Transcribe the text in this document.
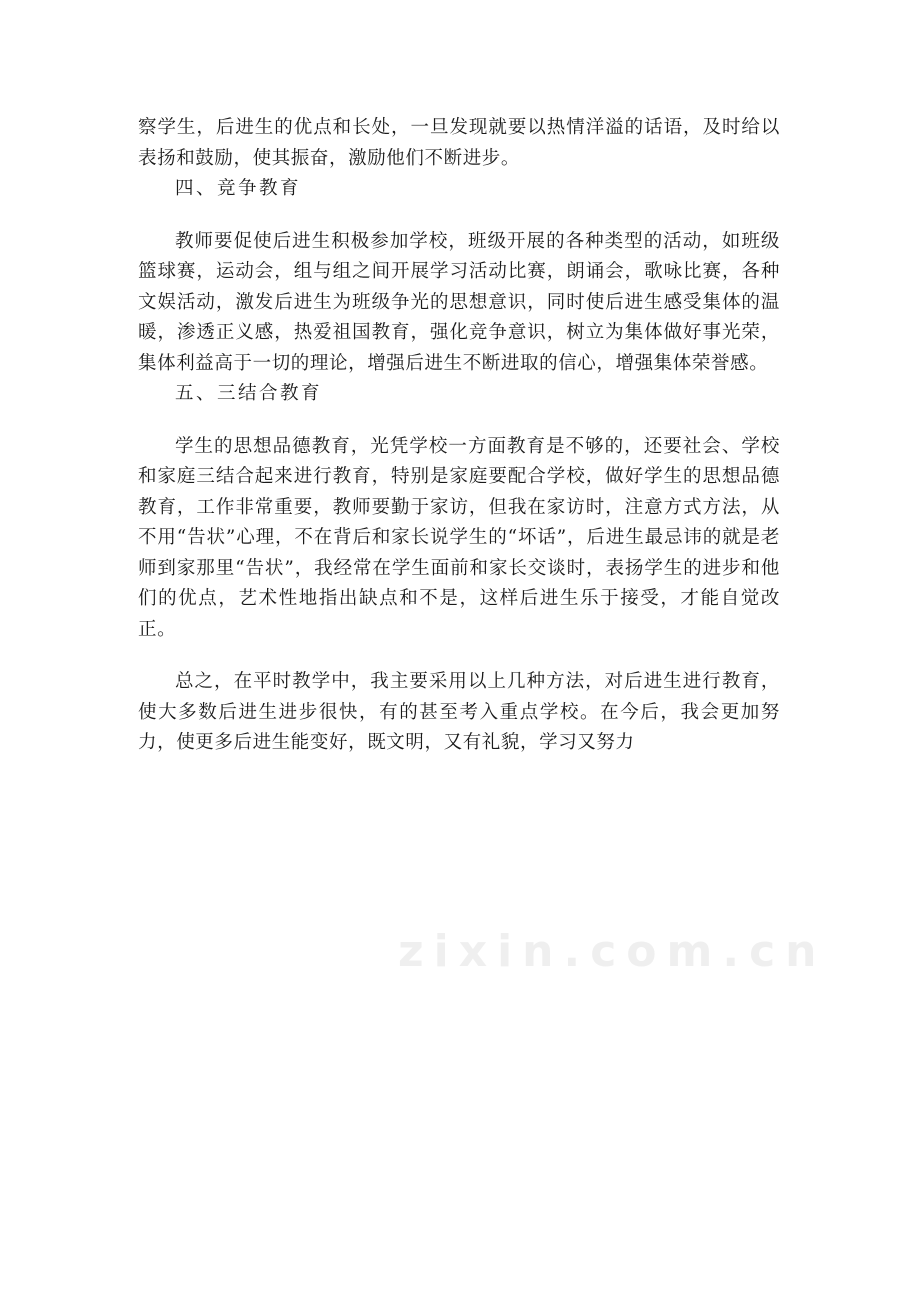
察学生，后进生的优点和长处，一旦发现就要以热情洋溢的话语，及时给以表扬和鼓励，使其振奋，激励他们不断进步。

四、竞争教育

教师要促使后进生积极参加学校，班级开展的各种类型的活动，如班级篮球赛，运动会，组与组之间开展学习活动比赛，朗诵会，歌咏比赛，各种文娱活动，激发后进生为班级争光的思想意识，同时使后进生感受集体的温暖，渗透正义感，热爱祖国教育，强化竞争意识，树立为集体做好事光荣，集体利益高于一切的理论，增强后进生不断进取的信心，增强集体荣誉感。

五、三结合教育

学生的思想品德教育，光凭学校一方面教育是不够的，还要社会、学校和家庭三结合起来进行教育，特别是家庭要配合学校，做好学生的思想品德教育，工作非常重要，教师要勤于家访，但我在家访时，注意方式方法，从不用“告状”心理，不在背后和家长说学生的“坏话”，后进生最忌讳的就是老师到家那里“告状”，我经常在学生面前和家长交谈时，表扬学生的进步和他们的优点，艺术性地指出缺点和不是，这样后进生乐于接受，才能自觉改正。

总之，在平时教学中，我主要采用以上几种方法，对后进生进行教育，使大多数后进生进步很快，有的甚至考入重点学校。在今后，我会更加努力，使更多后进生能变好，既文明，又有礼貌，学习又努力

zixin.com.cn
